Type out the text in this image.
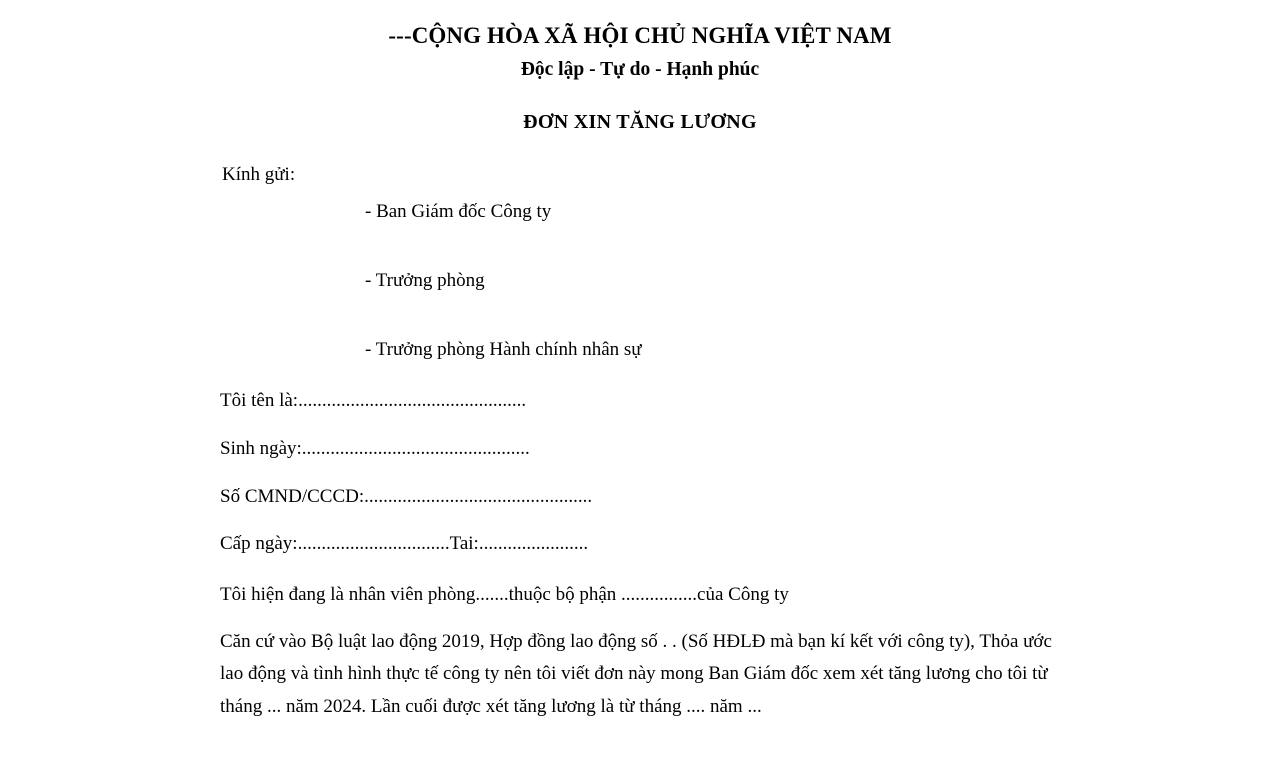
---CỘNG HÒA XÃ HỘI CHỦ NGHĨA VIỆT NAM
Độc lập - Tự do - Hạnh phúc
ĐƠN XIN TĂNG LƯƠNG
Kính gửi:
- Ban Giám đốc Công ty
- Trưởng phòng
- Trưởng phòng Hành chính nhân sự
Tôi tên là:................................................
Sinh ngày:................................................
Số CMND/CCCD:................................................
Cấp ngày:................................Tai:.......................
Tôi hiện đang là nhân viên phòng.......thuộc bộ phận ................của Công ty
Căn cứ vào Bộ luật lao động 2019, Hợp đồng lao động số . . (Số HĐLĐ mà bạn kí kết với công ty), Thỏa ước lao động và tình hình thực tế công ty nên tôi viết đơn này mong Ban Giám đốc xem xét tăng lương cho tôi từ tháng ... năm 2024. Lần cuối được xét tăng lương là từ tháng .... năm ...
